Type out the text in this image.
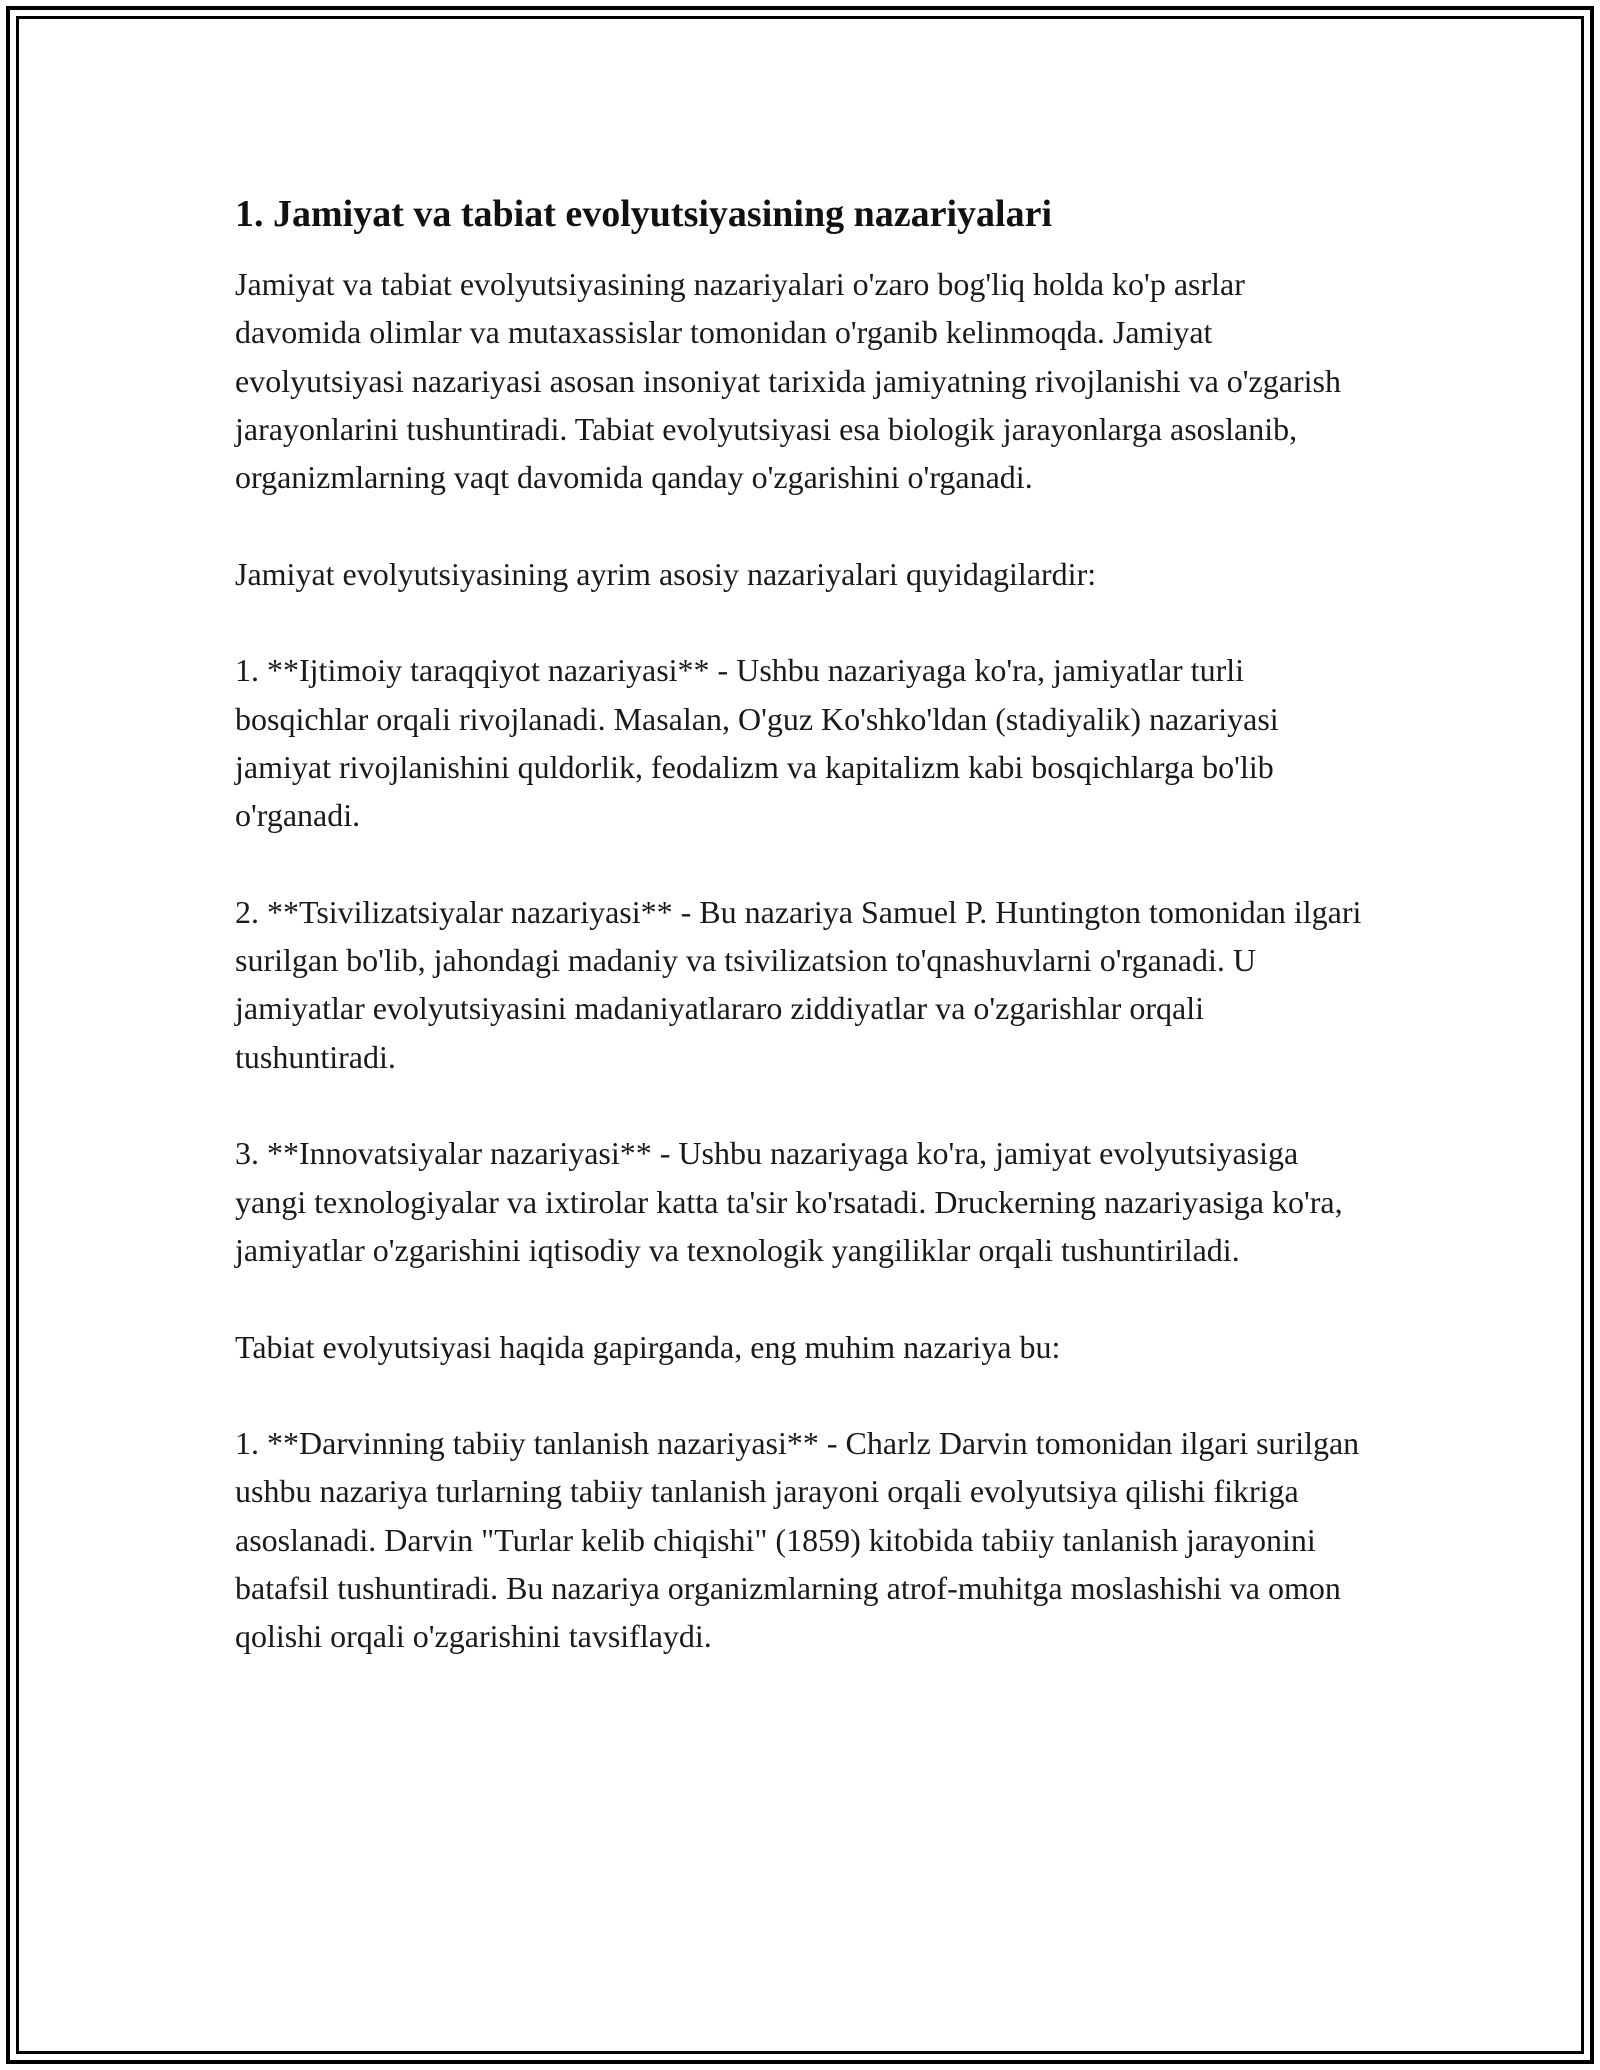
1. Jamiyat va tabiat evolyutsiyasining nazariyalari

Jamiyat va tabiat evolyutsiyasining nazariyalari o'zaro bog'liq holda ko'p asrlar davomida olimlar va mutaxassislar tomonidan o'rganib kelinmoqda. Jamiyat evolyutsiyasi nazariyasi asosan insoniyat tarixida jamiyatning rivojlanishi va o'zgarish jarayonlarini tushuntiradi. Tabiat evolyutsiyasi esa biologik jarayonlarga asoslanib, organizmlarning vaqt davomida qanday o'zgarishini o'rganadi.

Jamiyat evolyutsiyasining ayrim asosiy nazariyalari quyidagilardir:

1. **Ijtimoiy taraqqiyot nazariyasi** - Ushbu nazariyaga ko'ra, jamiyatlar turli bosqichlar orqali rivojlanadi. Masalan, O'guz Ko'shko'ldan (stadiyalik) nazariyasi jamiyat rivojlanishini quldorlik, feodalizm va kapitalizm kabi bosqichlarga bo'lib o'rganadi.

2. **Tsivilizatsiyalar nazariyasi** - Bu nazariya Samuel P. Huntington tomonidan ilgari surilgan bo'lib, jahondagi madaniy va tsivilizatsion to'qnashuvlarni o'rganadi. U jamiyatlar evolyutsiyasini madaniyatlararo ziddiyatlar va o'zgarishlar orqali tushuntiradi.

3. **Innovatsiyalar nazariyasi** - Ushbu nazariyaga ko'ra, jamiyat evolyutsiyasiga yangi texnologiyalar va ixtirolar katta ta'sir ko'rsatadi. Druckerning nazariyasiga ko'ra, jamiyatlar o'zgarishini iqtisodiy va texnologik yangiliklar orqali tushuntiriladi.

Tabiat evolyutsiyasi haqida gapirganda, eng muhim nazariya bu:

1. **Darvinning tabiiy tanlanish nazariyasi** - Charlz Darvin tomonidan ilgari surilgan ushbu nazariya turlarning tabiiy tanlanish jarayoni orqali evolyutsiya qilishi fikriga asoslanadi. Darvin "Turlar kelib chiqishi" (1859) kitobida tabiiy tanlanish jarayonini batafsil tushuntiradi. Bu nazariya organizmlarning atrof-muhitga moslashishi va omon qolishi orqali o'zgarishini tavsiflaydi.
